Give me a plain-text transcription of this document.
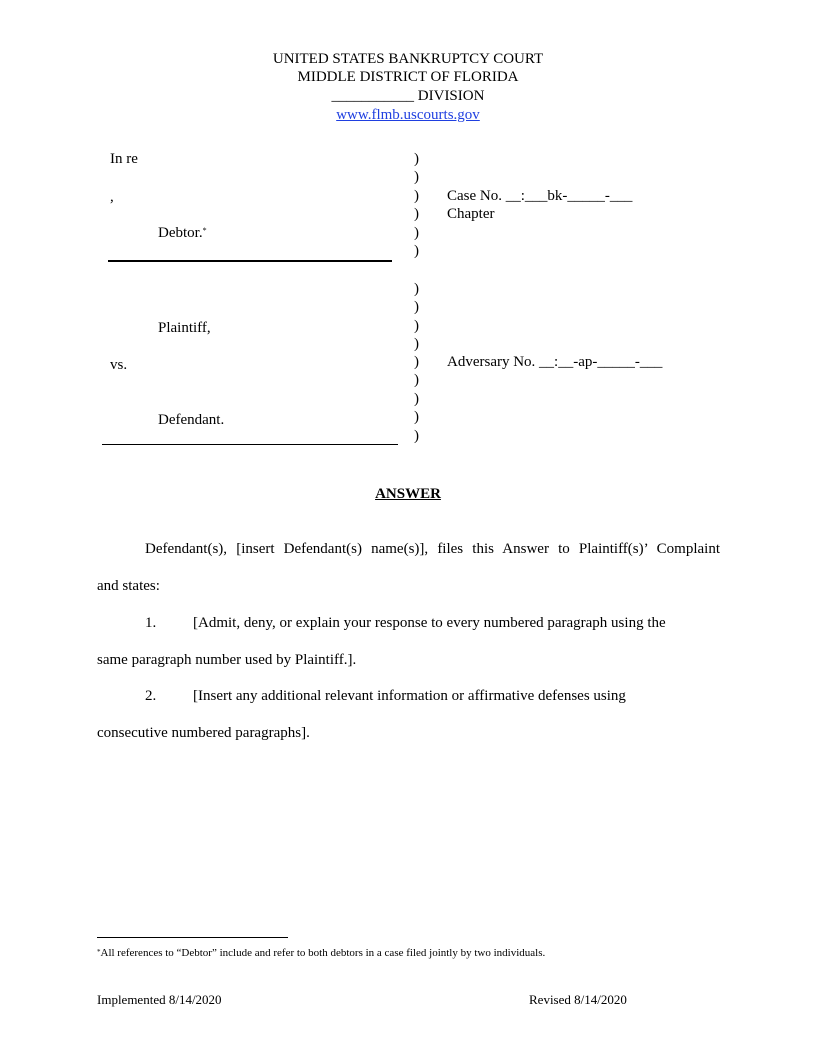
UNITED STATES BANKRUPTCY COURT
MIDDLE DISTRICT OF FLORIDA
___________ DIVISION
www.flmb.uscourts.gov
In re
,
Debtor.*
Plaintiff,
vs.
Defendant.
)
)
)
)
)
)
)
)
)
)
)
)
)
)
)
Case No. __:___bk-_____-___
Chapter
Adversary No. __:__-ap-_____-___
ANSWER
Defendant(s), [insert Defendant(s) name(s)], files this Answer to Plaintiff(s)’ Complaint
and states:
1. [Admit, deny, or explain your response to every numbered paragraph using the
same paragraph number used by Plaintiff.].
2. [Insert any additional relevant information or affirmative defenses using
consecutive numbered paragraphs].
*All references to “Debtor” include and refer to both debtors in a case filed jointly by two individuals.
Implemented 8/14/2020	Revised 8/14/2020
